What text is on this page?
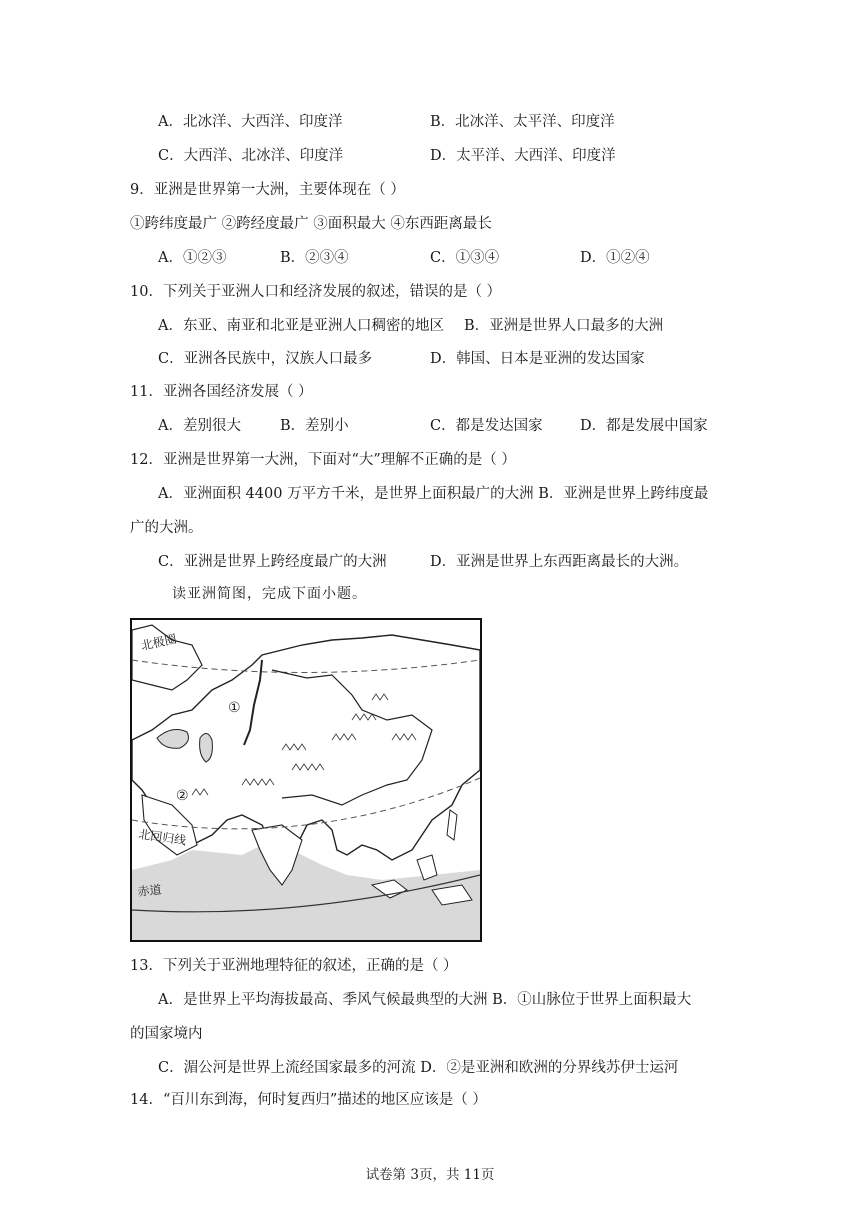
A．北冰洋、大西洋、印度洋	B．北冰洋、太平洋、印度洋
C．大西洋、北冰洋、印度洋	D．太平洋、大西洋、印度洋
9．亚洲是世界第一大洲，主要体现在（ ）
①跨纬度最广 ②跨经度最广 ③面积最大 ④东西距离最长
A．①②③	B．②③④	C．①③④	D．①②④
10．下列关于亚洲人口和经济发展的叙述，错误的是（ ）
A．东亚、南亚和北亚是亚洲人口稠密的地区 B．亚洲是世界人口最多的大洲
C．亚洲各民族中，汉族人口最多	D．韩国、日本是亚洲的发达国家
11．亚洲各国经济发展（ ）
A．差别很大	B．差别小	C．都是发达国家	D．都是发展中国家
12．亚洲是世界第一大洲，下面对“大”理解不正确的是（ ）
A．亚洲面积 4400 万平方千米，是世界上面积最广的大洲 B．亚洲是世界上跨纬度最
广的大洲。
C．亚洲是世界上跨经度最广的大洲	D．亚洲是世界上东西距离最长的大洲。
读亚洲简图，完成下面小题。
北极圈
北回归线
赤道
①
②
13．下列关于亚洲地理特征的叙述，正确的是（ ）
A．是世界上平均海拔最高、季风气候最典型的大洲 B．①山脉位于世界上面积最大
的国家境内
C．湄公河是世界上流经国家最多的河流 D．②是亚洲和欧洲的分界线苏伊士运河
14．“百川东到海，何时复西归”描述的地区应该是（ ）
试卷第 3页，共 11页
